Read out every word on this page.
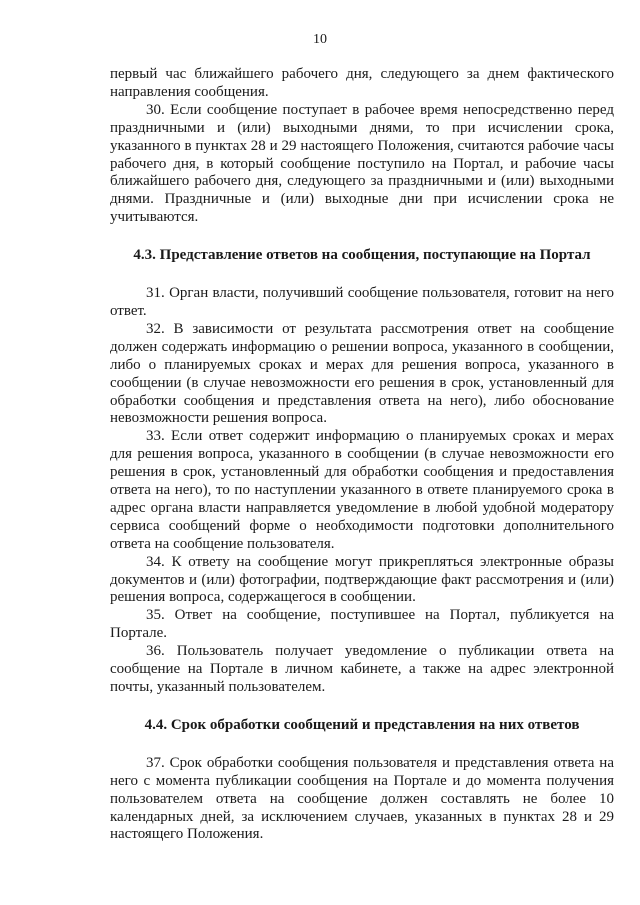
10

первый час ближайшего рабочего дня, следующего за днем фактического направления сообщения.

30. Если сообщение поступает в рабочее время непосредственно перед праздничными и (или) выходными днями, то при исчислении срока, указанного в пунктах 28 и 29 настоящего Положения, считаются рабочие часы рабочего дня, в который сообщение поступило на Портал, и рабочие часы ближайшего рабочего дня, следующего за праздничными и (или) выходными днями. Праздничные и (или) выходные дни при исчислении срока не учитываются.

4.3. Представление ответов на сообщения, поступающие на Портал

31. Орган власти, получивший сообщение пользователя, готовит на него ответ.

32. В зависимости от результата рассмотрения ответ на сообщение должен содержать информацию о решении вопроса, указанного в сообщении, либо о планируемых сроках и мерах для решения вопроса, указанного в сообщении (в случае невозможности его решения в срок, установленный для обработки сообщения и представления ответа на него), либо обоснование невозможности решения вопроса.

33. Если ответ содержит информацию о планируемых сроках и мерах для решения вопроса, указанного в сообщении (в случае невозможности его решения в срок, установленный для обработки сообщения и предоставления ответа на него), то по наступлении указанного в ответе планируемого срока в адрес органа власти направляется уведомление в любой удобной модератору сервиса сообщений форме о необходимости подготовки дополнительного ответа на сообщение пользователя.

34. К ответу на сообщение могут прикрепляться электронные образы документов и (или) фотографии, подтверждающие факт рассмотрения и (или) решения вопроса, содержащегося в сообщении.

35. Ответ на сообщение, поступившее на Портал, публикуется на Портале.

36. Пользователь получает уведомление о публикации ответа на сообщение на Портале в личном кабинете, а также на адрес электронной почты, указанный пользователем.

4.4. Срок обработки сообщений и представления на них ответов

37. Срок обработки сообщения пользователя и представления ответа на него с момента публикации сообщения на Портале и до момента получения пользователем ответа на сообщение должен составлять не более 10 календарных дней, за исключением случаев, указанных в пунктах 28 и 29 настоящего Положения.
